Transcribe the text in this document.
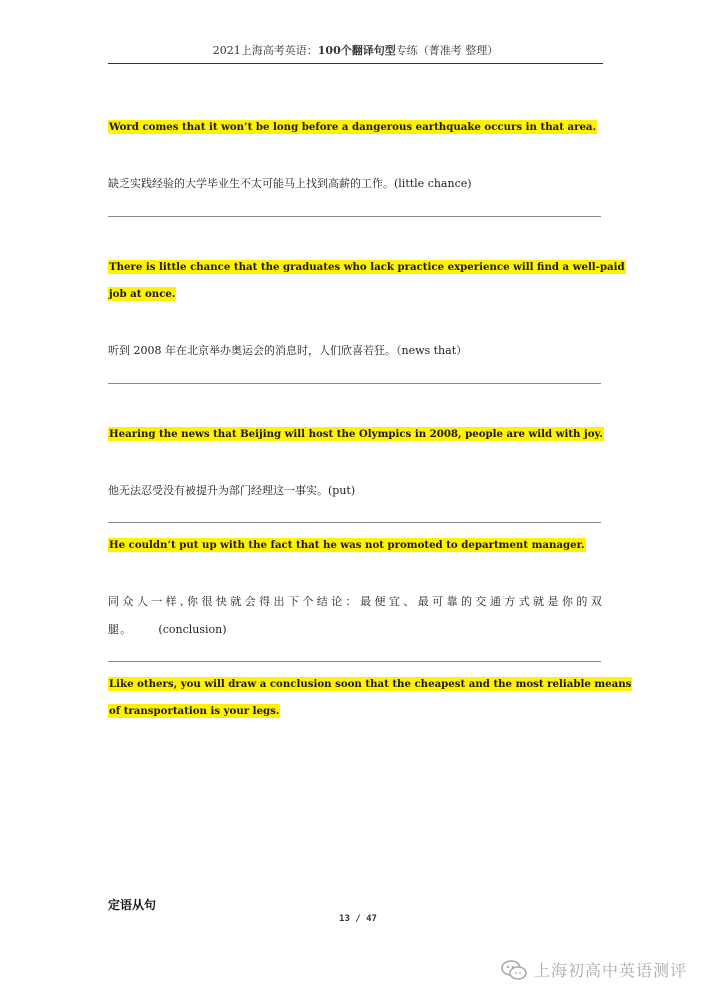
2021上海高考英语：100个翻译句型专练（菁准考 整理）
Word comes that it won’t be long before a dangerous earthquake occurs in that area.
缺乏实践经验的大学毕业生不太可能马上找到高薪的工作。(little chance)
There is little chance that the graduates who lack practice experience will find a well-paid
job at once.
听到 2008 年在北京举办奥运会的消息时，人们欣喜若狂。（news that）
Hearing the news that Beijing will host the Olympics in 2008, people are wild with joy.
他无法忍受没有被提升为部门经理这一事实。(put)
He couldn’t put up with the fact that he was not promoted to department manager.
同众人一样,你很快就会得出下个结论：最便宜、最可靠的交通方式就是你的双
腿。 (conclusion)
Like others, you will draw a conclusion soon that the cheapest and the most reliable means
of transportation is your legs.
定语从句
13 / 47
上海初高中英语测评
